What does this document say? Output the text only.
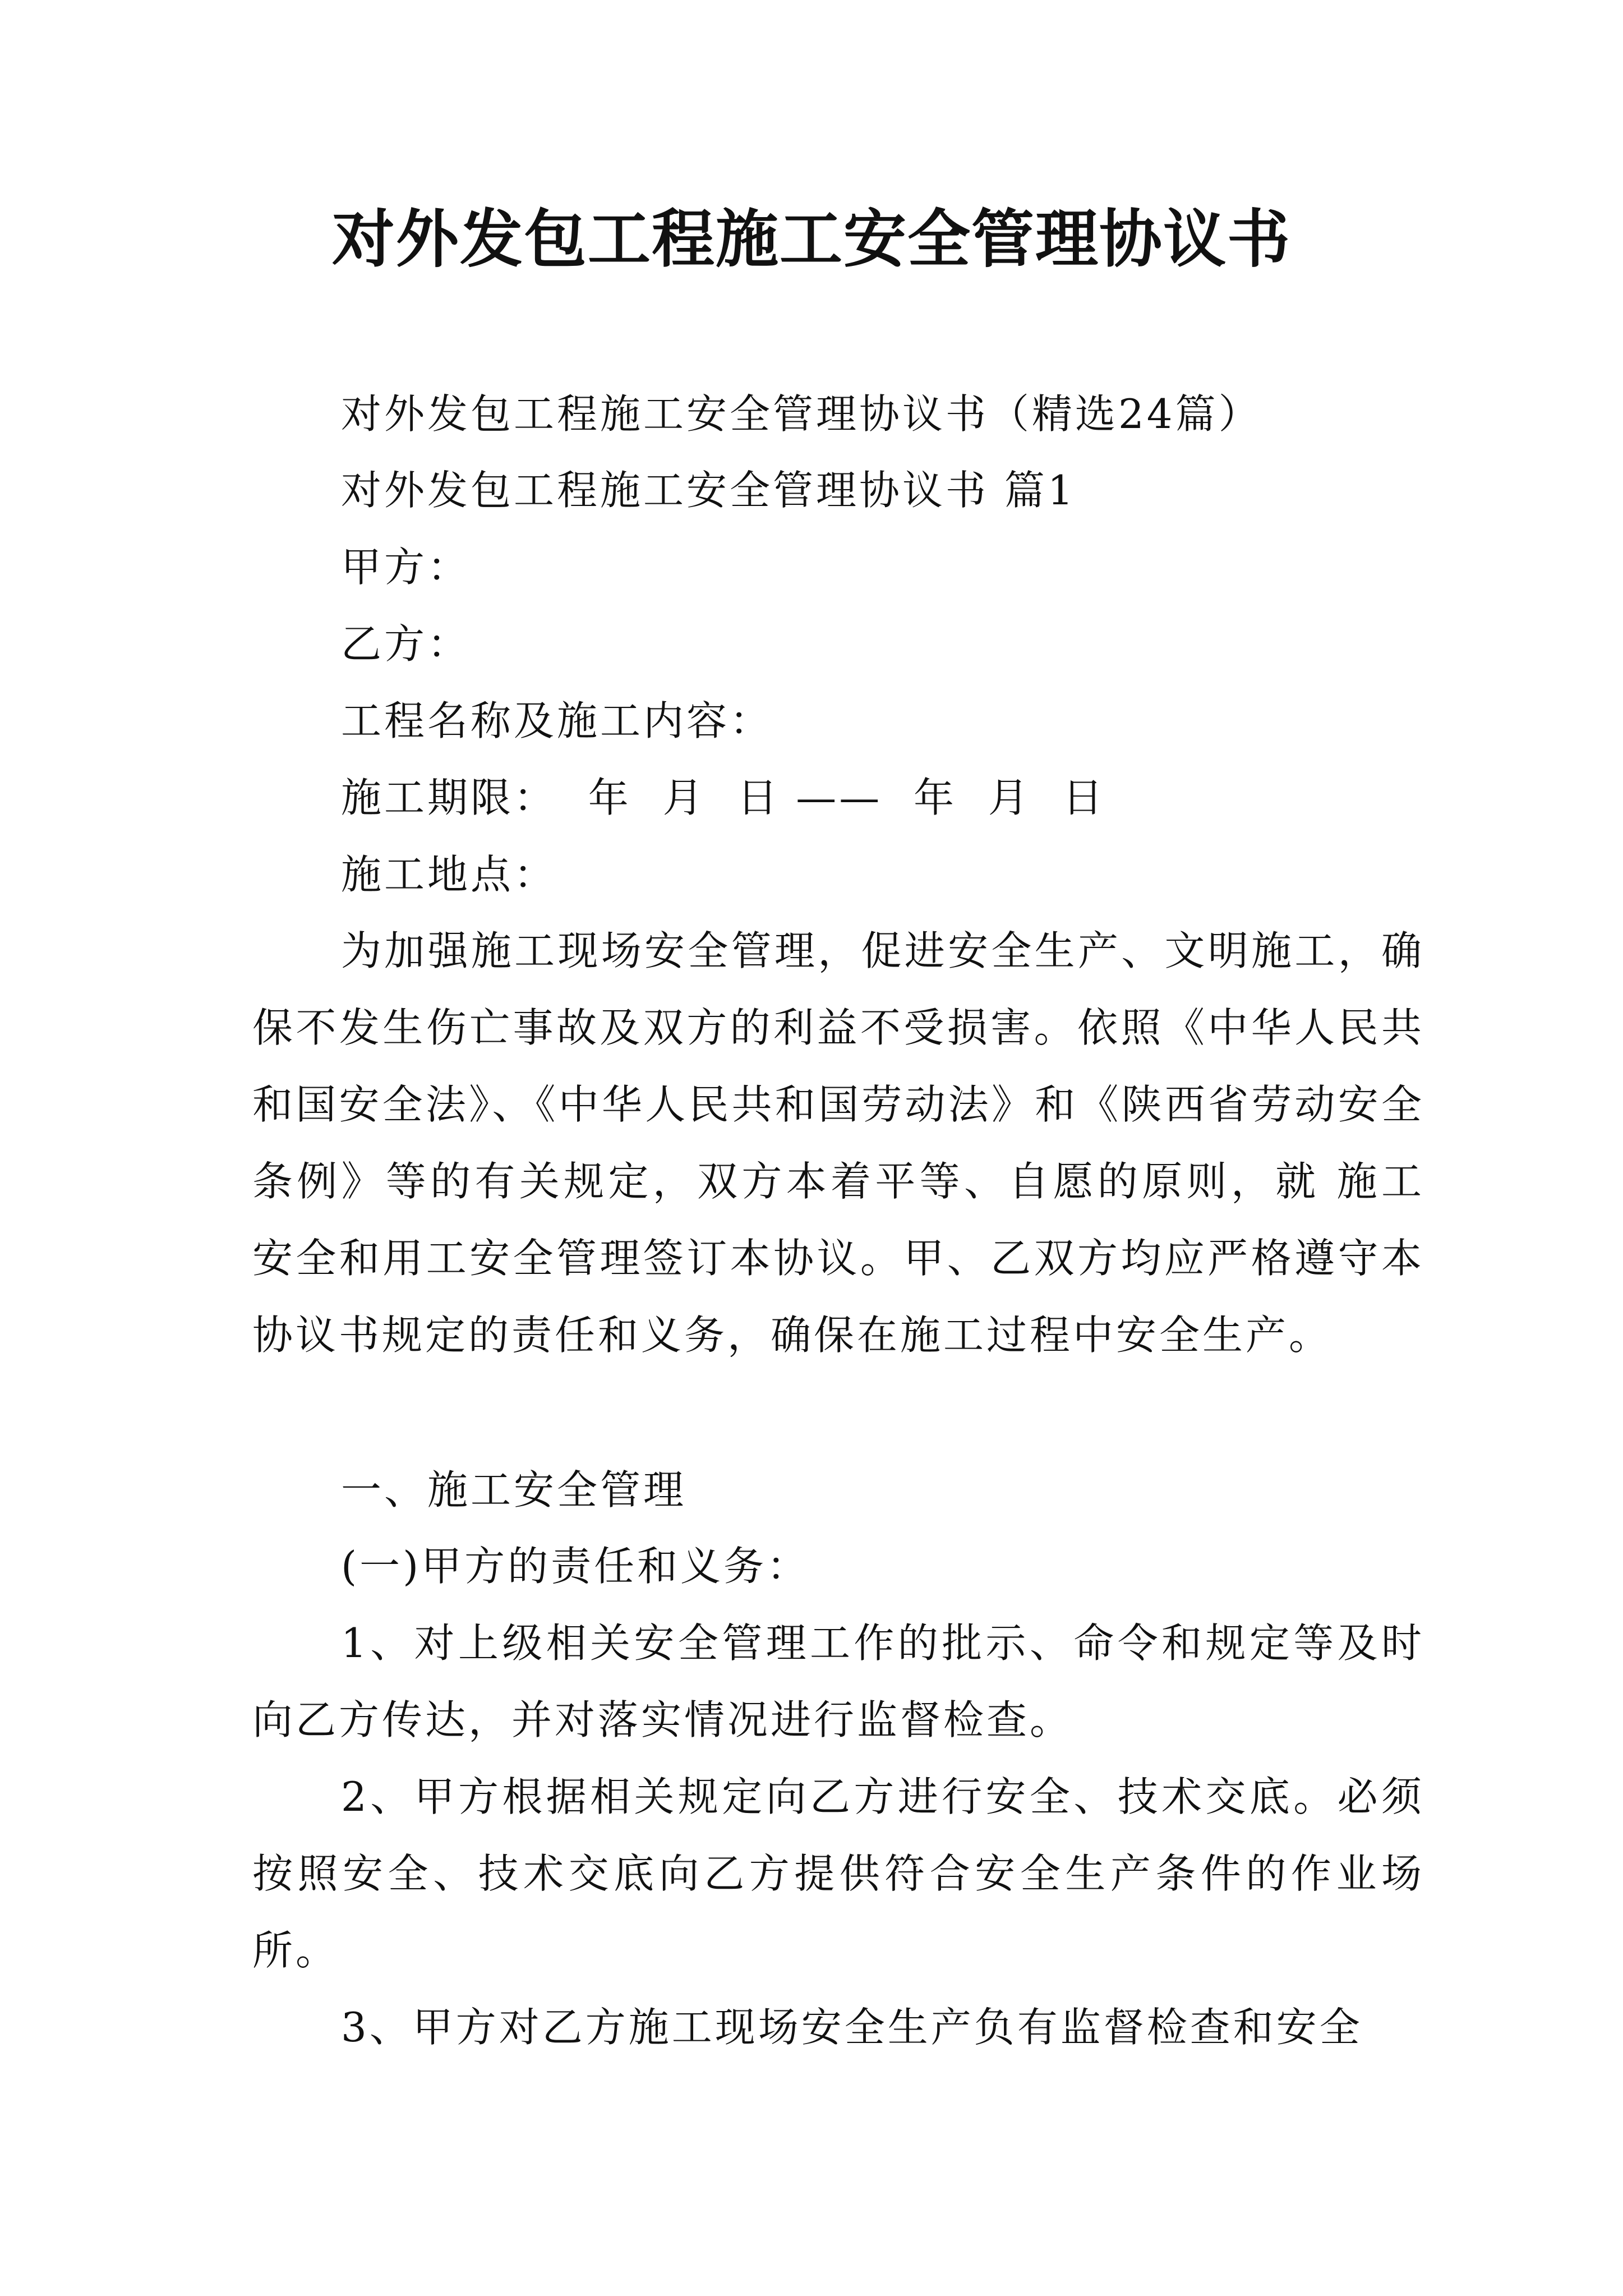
对外发包工程施工安全管理协议书
对外发包工程施工安全管理协议书（精选24篇）
对外发包工程施工安全管理协议书 篇1
甲方：
乙方：
工程名称及施工内容：
施工期限：  年  月  日 ——  年  月  日
施工地点：

为加强施工现场安全管理，促进安全生产、文明施工，确保不发生伤亡事故及双方的利益不受损害。依照《中华人民共和国安全法》、《中华人民共和国劳动法》和《陕西省劳动安全条例》等的有关规定，双方本着平等、自愿的原则，就 施工安全和用工安全管理签订本协议。甲、乙双方均应严格遵守本协议书规定的责任和义务，确保在施工过程中安全生产。

一、施工安全管理
(一)甲方的责任和义务：

1、对上级相关安全管理工作的批示、命令和规定等及时向乙方传达，并对落实情况进行监督检查。

2、甲方根据相关规定向乙方进行安全、技术交底。必须按照安全、技术交底向乙方提供符合安全生产条件的作业场所。

3、甲方对乙方施工现场安全生产负有监督检查和安全
